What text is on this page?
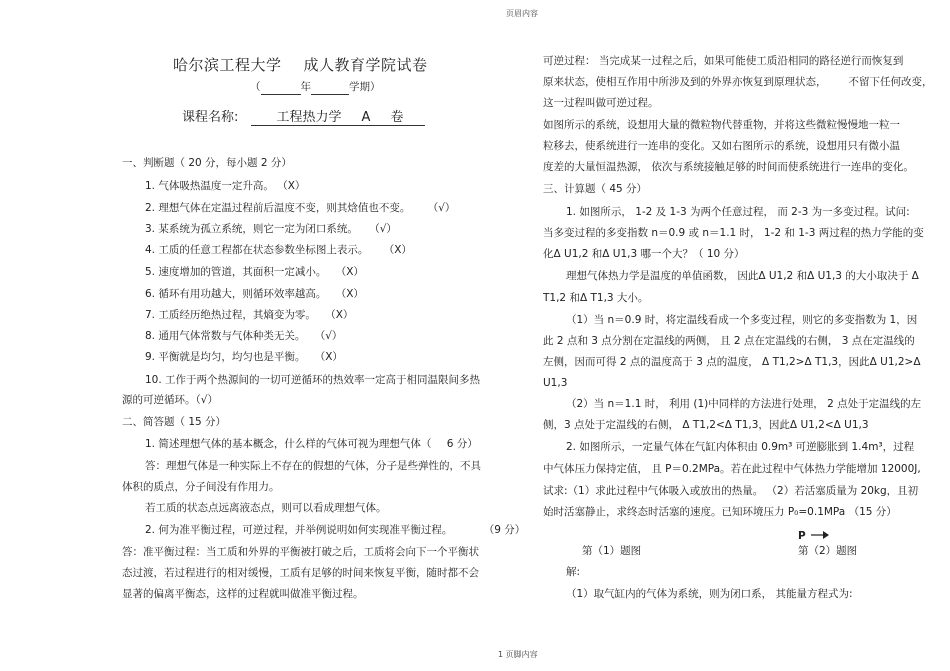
页眉内容
1 页脚内容
哈尔滨工程大学 成人教育学院试卷
（	年	学期）
课程名称:	工程热力学 A 卷
一、判断题（ 20 分，每小题 2 分）
1. 气体吸热温度一定升高。 （X）
2. 理想气体在定温过程前后温度不变，则其焓值也不变。 （√）
3. 某系统为孤立系统，则它一定为闭口系统。 （√）
4. 工质的任意工程都在状态参数坐标图上表示。 （X）
5. 速度增加的管道，其面积一定减小。 （X）
6. 循环有用功越大，则循环效率越高。 （X）
7. 工质经历绝热过程，其熵变为零。 （X）
8. 通用气体常数与气体种类无关。 （√）
9. 平衡就是均匀，均匀也是平衡。 （X）
10. 工作于两个热源间的一切可逆循环的热效率一定高于相同温限间多热
源的可逆循环。（√）
二、简答题（ 15 分）
1. 简述理想气体的基本概念，什么样的气体可视为理想气体（ 6 分）
答：理想气体是一种实际上不存在的假想的气体，分子是些弹性的，不具
体积的质点，分子间没有作用力。
若工质的状态点远离液态点，则可以看成理想气体。
2. 何为准平衡过程，可逆过程，并举例说明如何实现准平衡过程。	（9 分）
答：准平衡过程：当工质和外界的平衡被打破之后，工质将会向下一个平衡状
态过渡，若过程进行的相对缓慢，工质有足够的时间来恢复平衡，随时都不会
显著的偏离平衡态，这样的过程就叫做准平衡过程。
可逆过程： 当完成某一过程之后，如果可能使工质沿相同的路径逆行而恢复到
原来状态，使相互作用中所涉及到的外界亦恢复到原理状态， 不留下任何改变，
这一过程叫做可逆过程。
如图所示的系统，设想用大量的微粒物代替重物，并将这些微粒慢慢地一粒一
粒移去，使系统进行一连串的变化。又如右图所示的系统，设想用只有微小温
度差的大量恒温热源， 依次与系统接触足够的时间而使系统进行一连串的变化。
三、计算题（ 45 分）
1. 如图所示， 1-2 及 1-3 为两个任意过程， 而 2-3 为一多变过程。试问:
当多变过程的多变指数 n＝0.9 或 n＝1.1 时， 1-2 和 1-3 两过程的热力学能的变
化Δ U1,2 和Δ U1,3 哪一个大？（ 10 分）
理想气体热力学是温度的单值函数， 因此Δ U1,2 和Δ U1,3 的大小取决于 Δ
T1,2 和Δ T1,3 大小。
（1）当 n＝0.9 时，将定温线看成一个多变过程，则它的多变指数为 1，因
此 2 点和 3 点分割在定温线的两侧， 且 2 点在定温线的右侧， 3 点在定温线的
左侧，因而可得 2 点的温度高于 3 点的温度， Δ T1,2>Δ T1,3，因此Δ U1,2>Δ
U1,3
（2）当 n＝1.1 时， 利用 (1)中同样的方法进行处理， 2 点处于定温线的左
侧，3 点处于定温线的右侧， Δ T1,2<Δ T1,3，因此Δ U1,2<Δ U1,3
2. 如图所示，一定量气体在气缸内体积由 0.9m³ 可逆膨胀到 1.4m³，过程
中气体压力保持定值， 且 P＝0.2MPa。若在此过程中气体热力学能增加 12000J,
试求:（1）求此过程中气体吸入或放出的热量。 （2）若活塞质量为 20kg，且初
始时活塞静止，求终态时活塞的速度。已知环境压力 P₀=0.1MPa （15 分）
P
第（1）题图	第（2）题图
解:
（1）取气缸内的气体为系统，则为闭口系， 其能量方程式为:
